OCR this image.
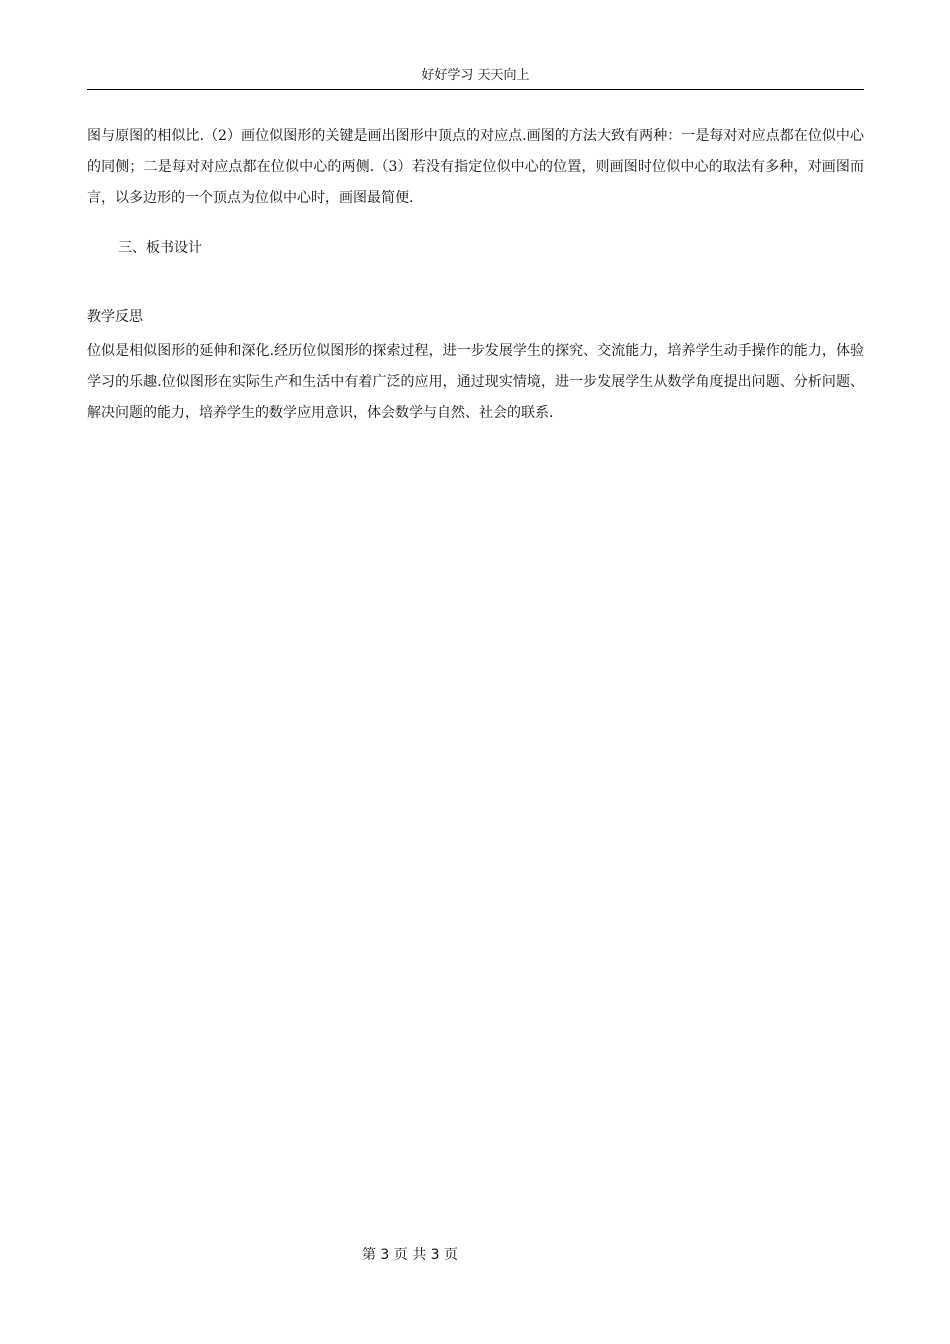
好好学习 天天向上
图与原图的相似比.（2）画位似图形的关键是画出图形中顶点的对应点.画图的方法大致有两种：一是每对对应点都在位似中心的同侧；二是每对对应点都在位似中心的两侧.（3）若没有指定位似中心的位置，则画图时位似中心的取法有多种，对画图而言，以多边形的一个顶点为位似中心时，画图最简便.
三、板书设计
教学反思
位似是相似图形的延伸和深化.经历位似图形的探索过程，进一步发展学生的探究、交流能力，培养学生动手操作的能力，体验学习的乐趣.位似图形在实际生产和生活中有着广泛的应用，通过现实情境，进一步发展学生从数学角度提出问题、分析问题、解决问题的能力，培养学生的数学应用意识，体会数学与自然、社会的联系.
第 3 页 共 3 页
